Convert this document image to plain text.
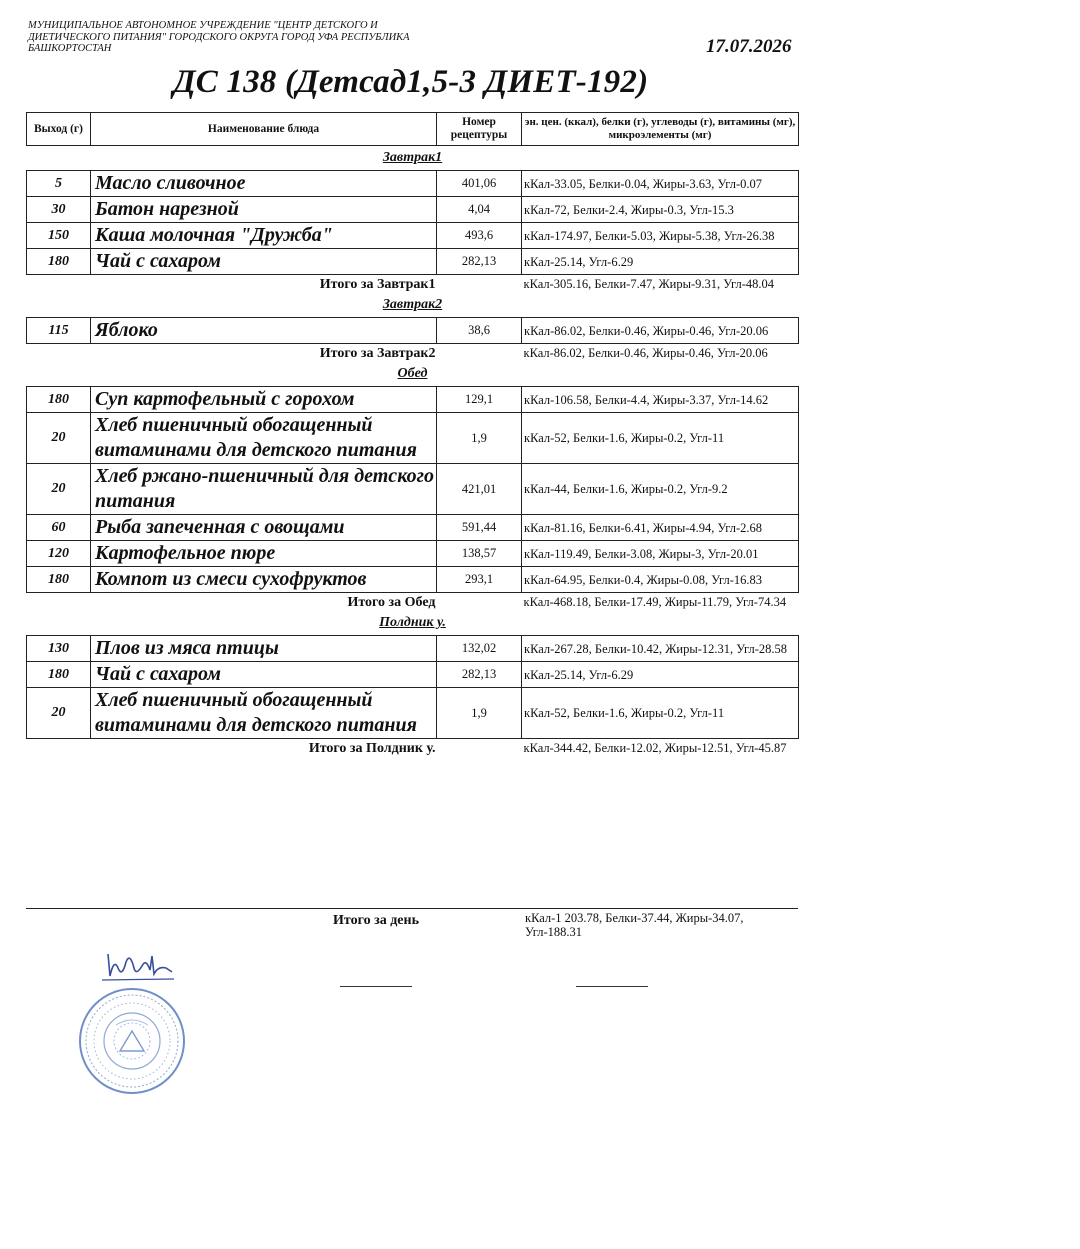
МУНИЦИПАЛЬНОЕ АВТОНОМНОЕ УЧРЕЖДЕНИЕ "ЦЕНТР ДЕТСКОГО И
ДИЕТИЧЕСКОГО ПИТАНИЯ" ГОРОДСКОГО ОКРУГА ГОРОД УФА РЕСПУБЛИКА
БАШКОРТОСТАН	17.07.2026
ДС 138 (Детсад1,5-3 ДИЕТ-192)
Выход (г)	Наименование блюда	Номер рецептуры	эн. цен. (ккал), белки (г), углеводы (г), витамины (мг), микроэлементы (мг)
Завтрак1			
5	Масло сливочное	401,06	кКал-33.05, Белки-0.04, Жиры-3.63, Угл-0.07
30	Батон нарезной	4,04	кКал-72, Белки-2.4, Жиры-0.3, Угл-15.3
150	Каша молочная "Дружба"	493,6	кКал-174.97, Белки-5.03, Жиры-5.38, Угл-26.38
180	Чай с сахаром	282,13	кКал-25.14, Угл-6.29
Итого за Завтрак1			кКал-305.16, Белки-7.47, Жиры-9.31, Угл-48.04
Завтрак2			
115	Яблоко	38,6	кКал-86.02, Белки-0.46, Жиры-0.46, Угл-20.06
Итого за Завтрак2			кКал-86.02, Белки-0.46, Жиры-0.46, Угл-20.06
Обед			
180	Суп картофельный с горохом	129,1	кКал-106.58, Белки-4.4, Жиры-3.37, Угл-14.62
20	Хлеб пшеничный обогащенный витаминами для детского питания	1,9	кКал-52, Белки-1.6, Жиры-0.2, Угл-11
20	Хлеб ржано-пшеничный для детского питания	421,01	кКал-44, Белки-1.6, Жиры-0.2, Угл-9.2
60	Рыба запеченная с овощами	591,44	кКал-81.16, Белки-6.41, Жиры-4.94, Угл-2.68
120	Картофельное пюре	138,57	кКал-119.49, Белки-3.08, Жиры-3, Угл-20.01
180	Компот из смеси сухофруктов	293,1	кКал-64.95, Белки-0.4, Жиры-0.08, Угл-16.83
Итого за Обед			кКал-468.18, Белки-17.49, Жиры-11.79, Угл-74.34
Полдник у.			
130	Плов из мяса птицы	132,02	кКал-267.28, Белки-10.42, Жиры-12.31, Угл-28.58
180	Чай с сахаром	282,13	кКал-25.14, Угл-6.29
20	Хлеб пшеничный обогащенный витаминами для детского питания	1,9	кКал-52, Белки-1.6, Жиры-0.2, Угл-11
Итого за Полдник у.			кКал-344.42, Белки-12.02, Жиры-12.51, Угл-45.87
Итого за день	кКал-1 203.78, Белки-37.44, Жиры-34.07, Угл-188.31
